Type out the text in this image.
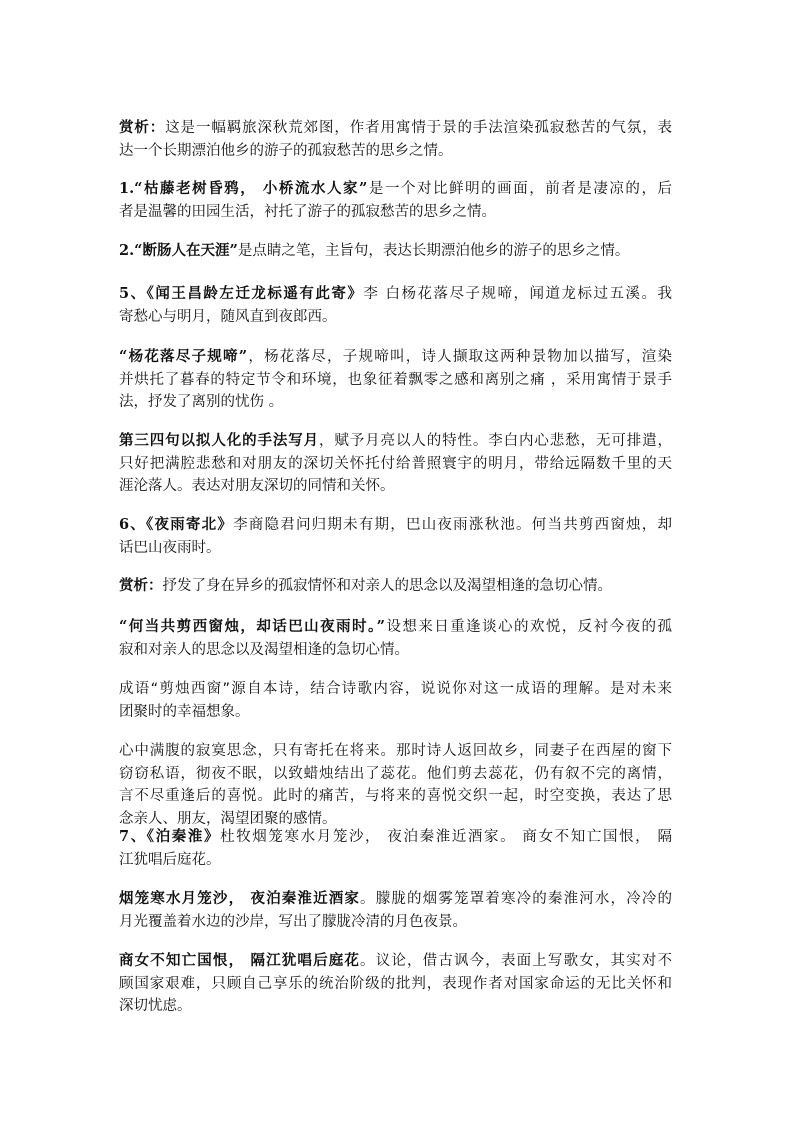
赏析：这是一幅羁旅深秋荒郊图，作者用寓情于景的手法渲染孤寂愁苦的气氛，表
达一个长期漂泊他乡的游子的孤寂愁苦的思乡之情。
1.“枯藤老树昏鸦， 小桥流水人家”是一个对比鲜明的画面，前者是凄凉的，后
者是温馨的田园生活，衬托了游子的孤寂愁苦的思乡之情。
2.“断肠人在天涯”是点睛之笔，主旨句，表达长期漂泊他乡的游子的思乡之情。
5、《闻王昌龄左迁龙标遥有此寄》李 白杨花落尽子规啼，闻道龙标过五溪。我
寄愁心与明月，随风直到夜郎西。
“杨花落尽子规啼”，杨花落尽，子规啼叫，诗人撷取这两种景物加以描写，渲染
并烘托了暮春的特定节令和环境，也象征着飘零之感和离别之痛 ，采用寓情于景手
法，抒发了离别的忧伤 。
第三四句以拟人化的手法写月，赋予月亮以人的特性。李白内心悲愁，无可排遣，
只好把满腔悲愁和对朋友的深切关怀托付给普照寰宇的明月，带给远隔数千里的天
涯沦落人。表达对朋友深切的同情和关怀。
6、《夜雨寄北》李商隐君问归期未有期，巴山夜雨涨秋池。何当共剪西窗烛，却
话巴山夜雨时。
赏析：抒发了身在异乡的孤寂情怀和对亲人的思念以及渴望相逢的急切心情。
“何当共剪西窗烛，却话巴山夜雨时。”设想来日重逢谈心的欢悦，反衬今夜的孤
寂和对亲人的思念以及渴望相逢的急切心情。
成语“剪烛西窗”源自本诗，结合诗歌内容，说说你对这一成语的理解。是对未来
团聚时的幸福想象。
心中满腹的寂寞思念，只有寄托在将来。那时诗人返回故乡，同妻子在西屋的窗下
窃窃私语，彻夜不眠，以致蜡烛结出了蕊花。他们剪去蕊花，仍有叙不完的离情，
言不尽重逢后的喜悦。此时的痛苦，与将来的喜悦交织一起，时空变换，表达了思
念亲人、朋友，渴望团聚的感情。
7、《泊秦淮》杜牧烟笼寒水月笼沙， 夜泊秦淮近酒家。 商女不知亡国恨， 隔
江犹唱后庭花。
烟笼寒水月笼沙， 夜泊秦淮近酒家。朦胧的烟雾笼罩着寒冷的秦淮河水，冷冷的
月光覆盖着水边的沙岸，写出了朦胧冷清的月色夜景。
商女不知亡国恨， 隔江犹唱后庭花。议论，借古讽今，表面上写歌女，其实对不
顾国家艰难，只顾自己享乐的统治阶级的批判，表现作者对国家命运的无比关怀和
深切忧虑。
